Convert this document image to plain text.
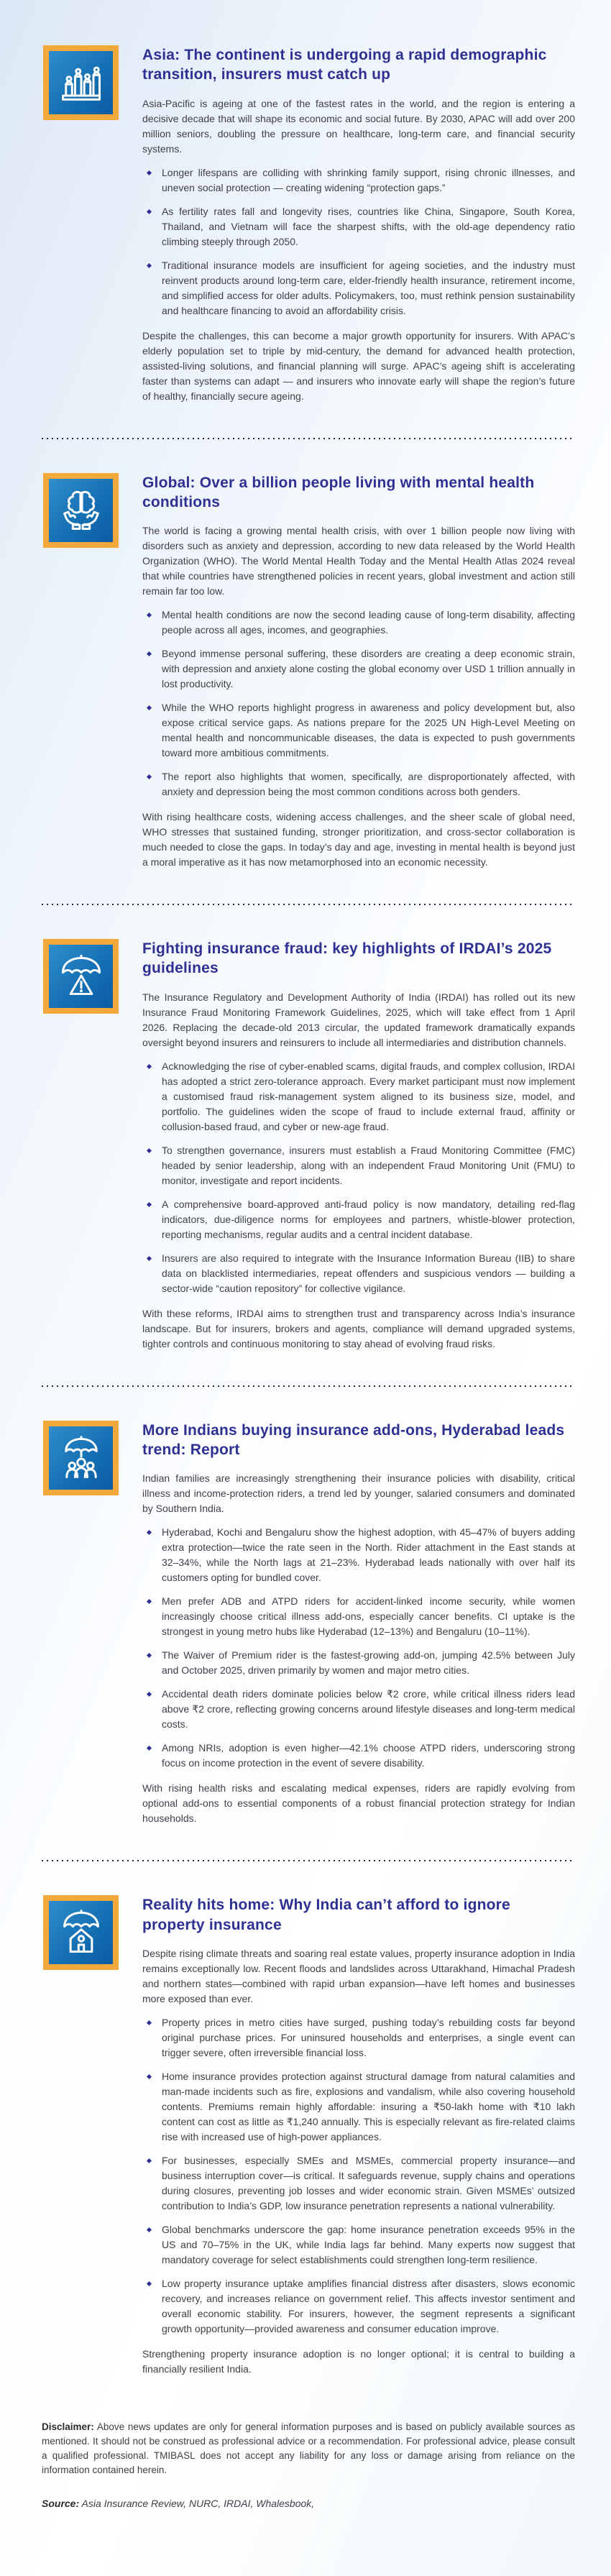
Asia: The continent is undergoing a rapid demographic transition, insurers must catch up

Asia-Pacific is ageing at one of the fastest rates in the world, and the region is entering a decisive decade that will shape its economic and social future. By 2030, APAC will add over 200 million seniors, doubling the pressure on healthcare, long-term care, and financial security systems.

Longer lifespans are colliding with shrinking family support, rising chronic illnesses, and uneven social protection — creating widening “protection gaps.”
As fertility rates fall and longevity rises, countries like China, Singapore, South Korea, Thailand, and Vietnam will face the sharpest shifts, with the old-age dependency ratio climbing steeply through 2050.
Traditional insurance models are insufficient for ageing societies, and the industry must reinvent products around long-term care, elder-friendly health insurance, retirement income, and simplified access for older adults. Policymakers, too, must rethink pension sustainability and healthcare financing to avoid an affordability crisis.

Despite the challenges, this can become a major growth opportunity for insurers. With APAC’s elderly population set to triple by mid-century, the demand for advanced health protection, assisted-living solutions, and financial planning will surge. APAC’s ageing shift is accelerating faster than systems can adapt — and insurers who innovate early will shape the region’s future of healthy, financially secure ageing.

Global: Over a billion people living with mental health conditions

The world is facing a growing mental health crisis, with over 1 billion people now living with disorders such as anxiety and depression, according to new data released by the World Health Organization (WHO). The World Mental Health Today and the Mental Health Atlas 2024 reveal that while countries have strengthened policies in recent years, global investment and action still remain far too low.

Mental health conditions are now the second leading cause of long-term disability, affecting people across all ages, incomes, and geographies.
Beyond immense personal suffering, these disorders are creating a deep economic strain, with depression and anxiety alone costing the global economy over USD 1 trillion annually in lost productivity.
While the WHO reports highlight progress in awareness and policy development but, also expose critical service gaps. As nations prepare for the 2025 UN High-Level Meeting on mental health and noncommunicable diseases, the data is expected to push governments toward more ambitious commitments.
The report also highlights that women, specifically, are disproportionately affected, with anxiety and depression being the most common conditions across both genders.

With rising healthcare costs, widening access challenges, and the sheer scale of global need, WHO stresses that sustained funding, stronger prioritization, and cross-sector collaboration is much needed to close the gaps. In today’s day and age, investing in mental health is beyond just a moral imperative as it has now metamorphosed into an economic necessity.

Fighting insurance fraud: key highlights of IRDAI’s 2025 guidelines

The Insurance Regulatory and Development Authority of India (IRDAI) has rolled out its new Insurance Fraud Monitoring Framework Guidelines, 2025, which will take effect from 1 April 2026. Replacing the decade-old 2013 circular, the updated framework dramatically expands oversight beyond insurers and reinsurers to include all intermediaries and distribution channels.

Acknowledging the rise of cyber-enabled scams, digital frauds, and complex collusion, IRDAI has adopted a strict zero-tolerance approach. Every market participant must now implement a customised fraud risk-management system aligned to its business size, model, and portfolio. The guidelines widen the scope of fraud to include external fraud, affinity or collusion-based fraud, and cyber or new-age fraud.
To strengthen governance, insurers must establish a Fraud Monitoring Committee (FMC) headed by senior leadership, along with an independent Fraud Monitoring Unit (FMU) to monitor, investigate and report incidents.
A comprehensive board-approved anti-fraud policy is now mandatory, detailing red-flag indicators, due-diligence norms for employees and partners, whistle-blower protection, reporting mechanisms, regular audits and a central incident database.
Insurers are also required to integrate with the Insurance Information Bureau (IIB) to share data on blacklisted intermediaries, repeat offenders and suspicious vendors — building a sector-wide “caution repository” for collective vigilance.

With these reforms, IRDAI aims to strengthen trust and transparency across India’s insurance landscape. But for insurers, brokers and agents, compliance will demand upgraded systems, tighter controls and continuous monitoring to stay ahead of evolving fraud risks.

More Indians buying insurance add-ons, Hyderabad leads trend: Report

Indian families are increasingly strengthening their insurance policies with disability, critical illness and income-protection riders, a trend led by younger, salaried consumers and dominated by Southern India.

Hyderabad, Kochi and Bengaluru show the highest adoption, with 45–47% of buyers adding extra protection—twice the rate seen in the North. Rider attachment in the East stands at 32–34%, while the North lags at 21–23%. Hyderabad leads nationally with over half its customers opting for bundled cover.
Men prefer ADB and ATPD riders for accident-linked income security, while women increasingly choose critical illness add-ons, especially cancer benefits. CI uptake is the strongest in young metro hubs like Hyderabad (12–13%) and Bengaluru (10–11%).
The Waiver of Premium rider is the fastest-growing add-on, jumping 42.5% between July and October 2025, driven primarily by women and major metro cities.
Accidental death riders dominate policies below ₹2 crore, while critical illness riders lead above ₹2 crore, reflecting growing concerns around lifestyle diseases and long-term medical costs.
Among NRIs, adoption is even higher—42.1% choose ATPD riders, underscoring strong focus on income protection in the event of severe disability.

With rising health risks and escalating medical expenses, riders are rapidly evolving from optional add-ons to essential components of a robust financial protection strategy for Indian households.

Reality hits home: Why India can’t afford to ignore property insurance

Despite rising climate threats and soaring real estate values, property insurance adoption in India remains exceptionally low. Recent floods and landslides across Uttarakhand, Himachal Pradesh and northern states—combined with rapid urban expansion—have left homes and businesses more exposed than ever.

Property prices in metro cities have surged, pushing today’s rebuilding costs far beyond original purchase prices. For uninsured households and enterprises, a single event can trigger severe, often irreversible financial loss.
Home insurance provides protection against structural damage from natural calamities and man-made incidents such as fire, explosions and vandalism, while also covering household contents. Premiums remain highly affordable: insuring a ₹50-lakh home with ₹10 lakh content can cost as little as ₹1,240 annually. This is especially relevant as fire-related claims rise with increased use of high-power appliances.
For businesses, especially SMEs and MSMEs, commercial property insurance—and business interruption cover—is critical. It safeguards revenue, supply chains and operations during closures, preventing job losses and wider economic strain. Given MSMEs’ outsized contribution to India’s GDP, low insurance penetration represents a national vulnerability.
Global benchmarks underscore the gap: home insurance penetration exceeds 95% in the US and 70–75% in the UK, while India lags far behind. Many experts now suggest that mandatory coverage for select establishments could strengthen long-term resilience.
Low property insurance uptake amplifies financial distress after disasters, slows economic recovery, and increases reliance on government relief. This affects investor sentiment and overall economic stability. For insurers, however, the segment represents a significant growth opportunity—provided awareness and consumer education improve.

Strengthening property insurance adoption is no longer optional; it is central to building a financially resilient India.

Disclaimer: Above news updates are only for general information purposes and is based on publicly available sources as mentioned. It should not be construed as professional advice or a recommendation. For professional advice, please consult a qualified professional. TMIBASL does not accept any liability for any loss or damage arising from reliance on the information contained herein.

Source: Asia Insurance Review, NURC, IRDAI, Whalesbook,
